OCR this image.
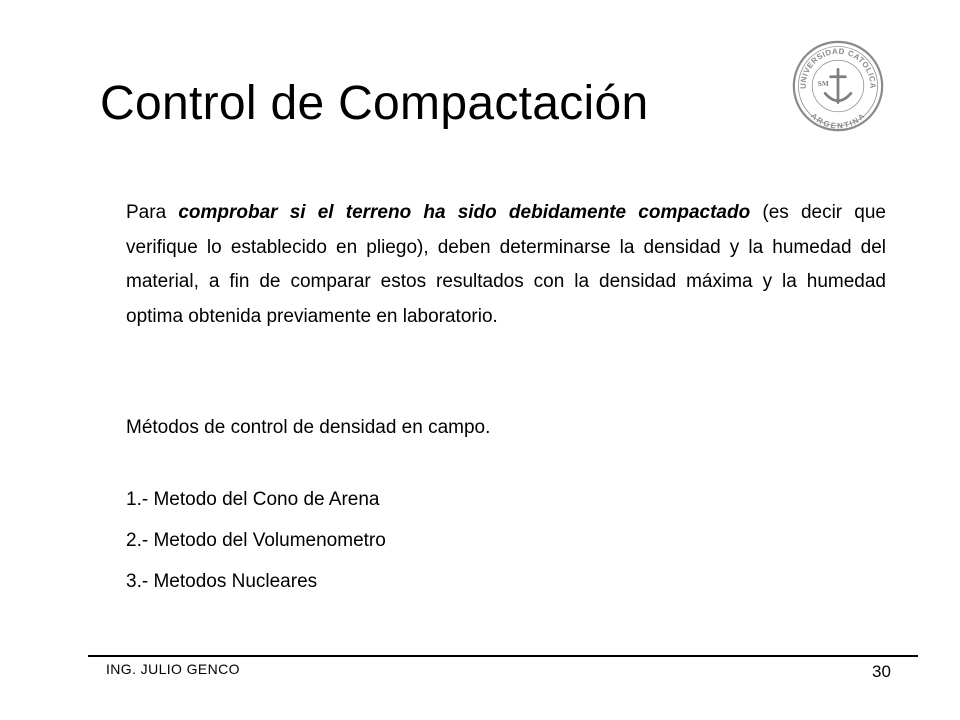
Control de Compactación	UNIVERSIDAD CATOLICA
ARGENTINA
SM

Para comprobar si el terreno ha sido debidamente compactado (es decir que verifique lo establecido en pliego), deben determinarse la densidad y la humedad del material, a fin de comparar estos resultados con la densidad máxima y la humedad optima obtenida previamente en laboratorio.

Métodos de control de densidad en campo.

1.- Metodo del Cono de Arena
2.- Metodo del Volumenometro
3.- Metodos Nucleares
ING. JULIO GENCO	30
